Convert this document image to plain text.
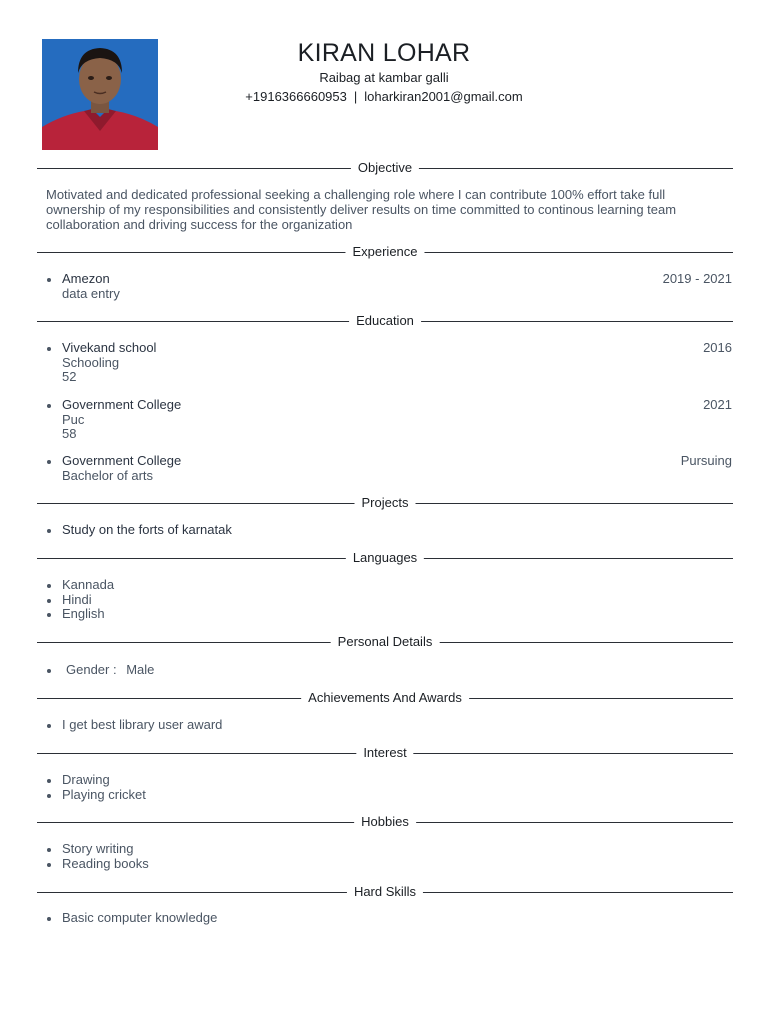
KIRAN LOHAR
Raibag at kambar galli
+1916366660953 | loharkiran2001@gmail.com
Objective
Motivated and dedicated professional seeking a challenging role where I can contribute 100% effort take full
ownership of my responsibilities and consistently deliver results on time committed to continous learning team
collaboration and driving success for the organization
Experience
Amezon
data entry
2019 - 2021
Education
Vivekand school
Schooling
52
2016
Government College
Puc
58
2021
Government College
Bachelor of arts
Pursuing
Projects
Study on the forts of karnatak
Languages
Kannada
Hindi
English
Personal Details
Gender : Male
Achievements And Awards
I get best library user award
Interest
Drawing
Playing cricket
Hobbies
Story writing
Reading books
Hard Skills
Basic computer knowledge
